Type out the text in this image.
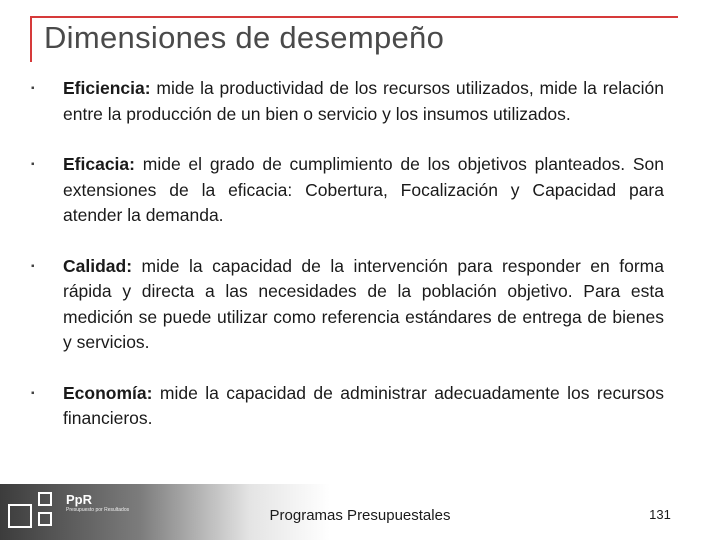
Dimensiones de desempeño
▪ Eficiencia: mide la productividad de los recursos utilizados, mide la relación entre la producción de un bien o servicio y los insumos utilizados.
▪ Eficacia: mide el grado de cumplimiento de los objetivos planteados. Son extensiones de la eficacia: Cobertura, Focalización y Capacidad para atender la demanda.
▪ Calidad: mide la capacidad de la intervención para responder en forma rápida y directa a las necesidades de la población objetivo. Para esta medición se puede utilizar como referencia estándares de entrega de bienes y servicios.
▪ Economía: mide la capacidad de administrar adecuadamente los recursos financieros.
PpR
Presupuesto por Resultados	Programas Presupuestales	131
